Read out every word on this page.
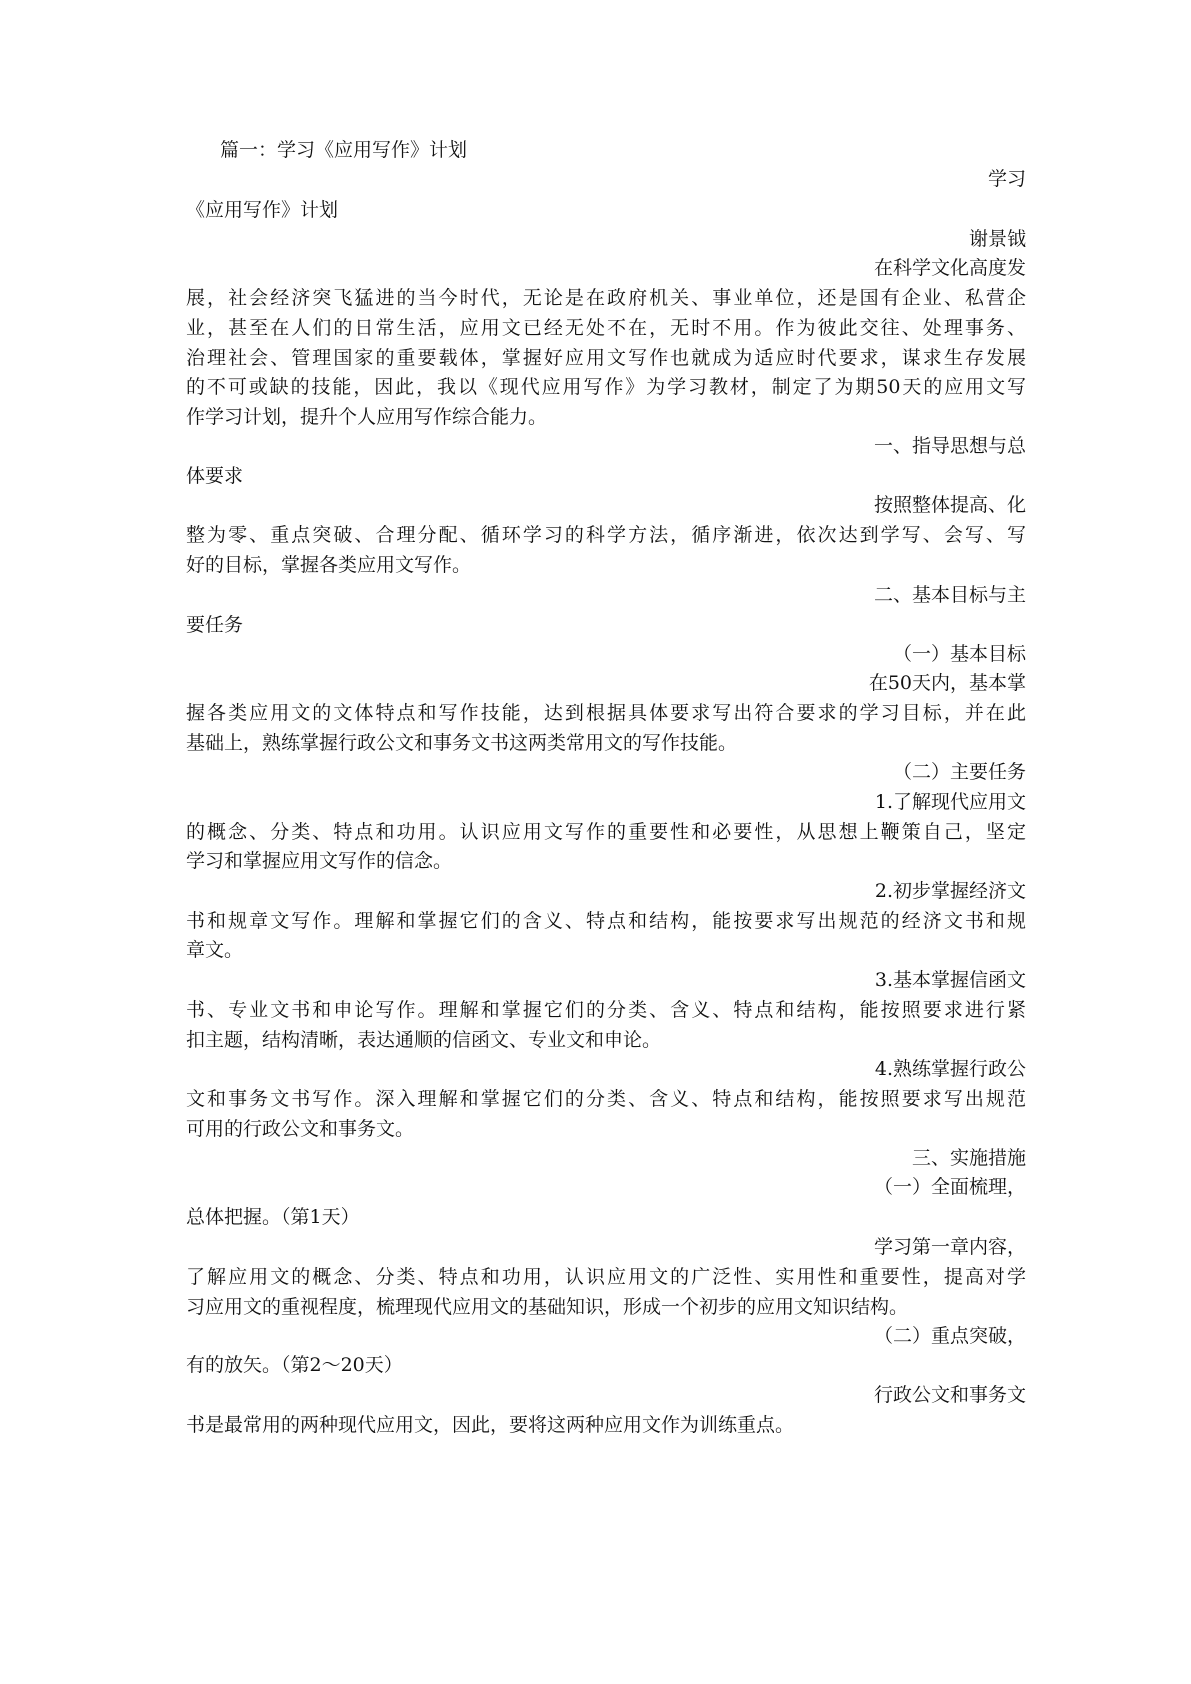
篇一：学习《应用写作》计划
学习
《应用写作》计划
谢景钺
在科学文化高度发
展，社会经济突飞猛进的当今时代，无论是在政府机关、事业单位，还是国有企业、私营企
业，甚至在人们的日常生活，应用文已经无处不在，无时不用。作为彼此交往、处理事务、
治理社会、管理国家的重要载体，掌握好应用文写作也就成为适应时代要求，谋求生存发展
的不可或缺的技能，因此，我以《现代应用写作》为学习教材，制定了为期50天的应用文写
作学习计划，提升个人应用写作综合能力。
一、指导思想与总
体要求
按照整体提高、化
整为零、重点突破、合理分配、循环学习的科学方法，循序渐进，依次达到学写、会写、写
好的目标，掌握各类应用文写作。
二、基本目标与主
要任务
（一）基本目标
在50天内，基本掌
握各类应用文的文体特点和写作技能，达到根据具体要求写出符合要求的学习目标，并在此
基础上，熟练掌握行政公文和事务文书这两类常用文的写作技能。
（二）主要任务
1.了解现代应用文
的概念、分类、特点和功用。认识应用文写作的重要性和必要性，从思想上鞭策自己，坚定
学习和掌握应用文写作的信念。
2.初步掌握经济文
书和规章文写作。理解和掌握它们的含义、特点和结构，能按要求写出规范的经济文书和规
章文。
3.基本掌握信函文
书、专业文书和申论写作。理解和掌握它们的分类、含义、特点和结构，能按照要求进行紧
扣主题，结构清晰，表达通顺的信函文、专业文和申论。
4.熟练掌握行政公
文和事务文书写作。深入理解和掌握它们的分类、含义、特点和结构，能按照要求写出规范
可用的行政公文和事务文。
三、实施措施
（一）全面梳理，
总体把握。（第1天）
学习第一章内容，
了解应用文的概念、分类、特点和功用，认识应用文的广泛性、实用性和重要性，提高对学
习应用文的重视程度，梳理现代应用文的基础知识，形成一个初步的应用文知识结构。
（二）重点突破，
有的放矢。（第2～20天）
行政公文和事务文
书是最常用的两种现代应用文，因此，要将这两种应用文作为训练重点。
